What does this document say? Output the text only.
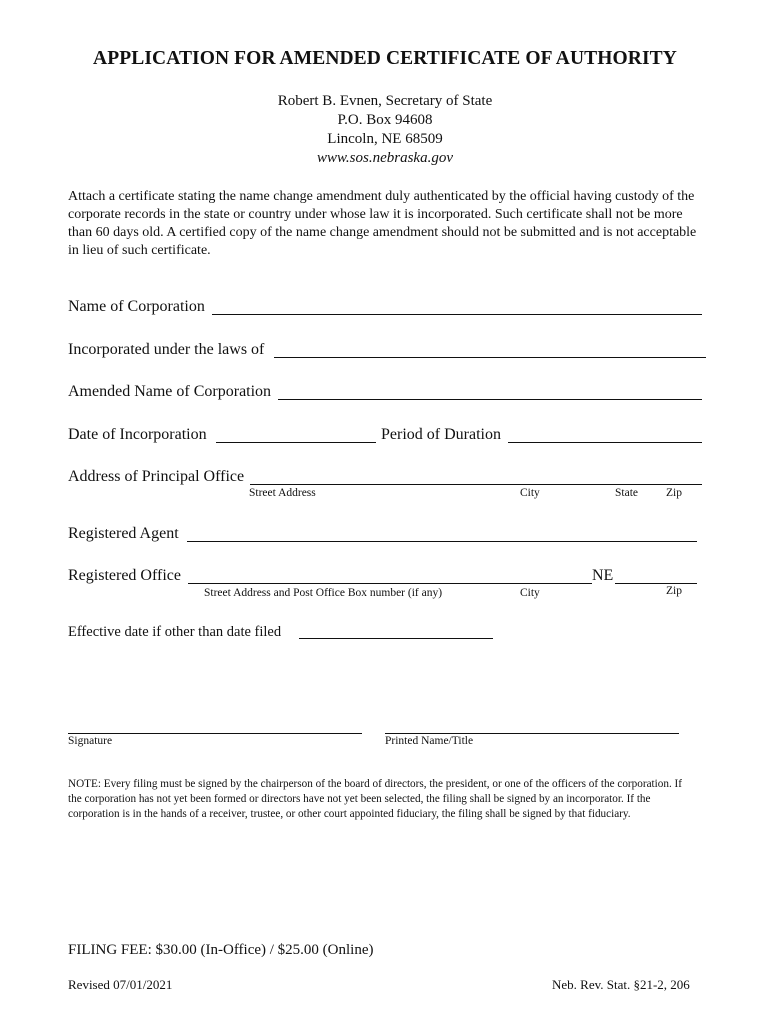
APPLICATION FOR AMENDED CERTIFICATE OF AUTHORITY
Robert B. Evnen, Secretary of State
P.O. Box 94608
Lincoln, NE 68509
www.sos.nebraska.gov
Attach a certificate stating the name change amendment duly authenticated by the official having custody of the corporate records in the state or country under whose law it is incorporated. Such certificate shall not be more than 60 days old. A certified copy of the name change amendment should not be submitted and is not acceptable in lieu of such certificate.
Name of Corporation
Incorporated under the laws of
Amended Name of Corporation
Date of Incorporation	Period of Duration
Address of Principal Office
Street Address	City	State Zip
Registered Agent
Registered Office	NE
Street Address and Post Office Box number (if any)	City	Zip
Effective date if other than date filed
Signature	Printed Name/Title
NOTE: Every filing must be signed by the chairperson of the board of directors, the president, or one of the officers of the corporation. If the corporation has not yet been formed or directors have not yet been selected, the filing shall be signed by an incorporator. If the corporation is in the hands of a receiver, trustee, or other court appointed fiduciary, the filing shall be signed by that fiduciary.
FILING FEE: $30.00 (In-Office) / $25.00 (Online)
Revised 07/01/2021	Neb. Rev. Stat. §21-2, 206
